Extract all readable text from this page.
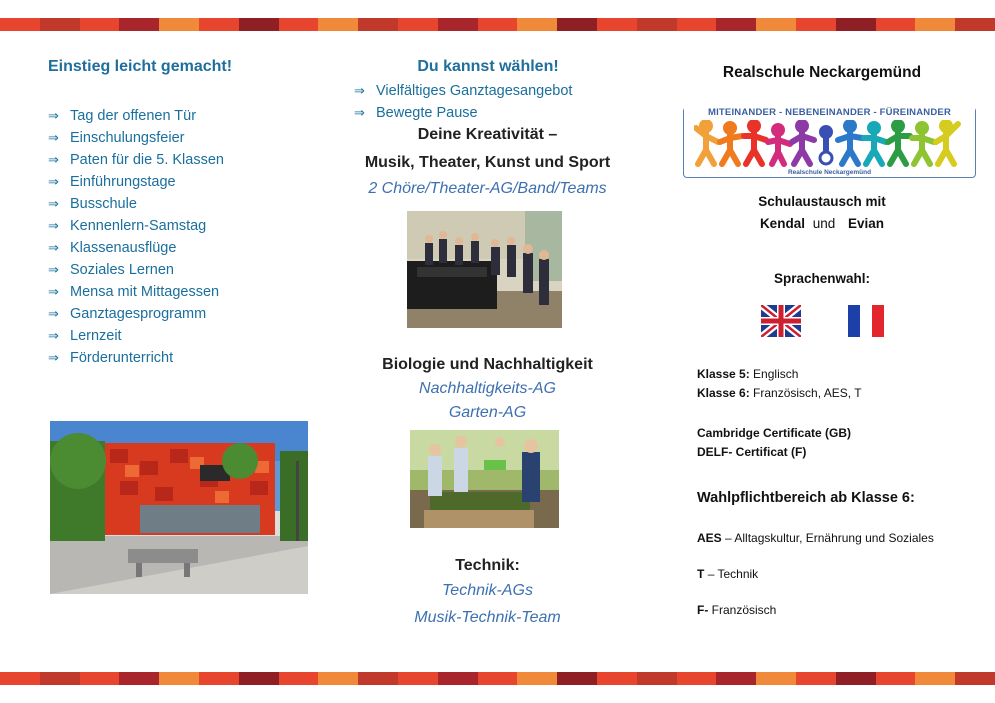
Einstieg leicht gemacht!
⇒ Tag der offenen Tür
⇒ Einschulungsfeier
⇒ Paten für die 5. Klassen
⇒ Einführungstage
⇒ Busschule
⇒ Kennenlern-Samstag
⇒ Klassenausflüge
⇒ Soziales Lernen
⇒ Mensa mit Mittagessen
⇒ Ganztagesprogramm
⇒ Lernzeit
⇒ Förderunterricht
Du kannst wählen!
⇒ Vielfältiges Ganztagesangebot
⇒ Bewegte Pause
Deine Kreativität –
Musik, Theater, Kunst und Sport
2 Chöre/Theater-AG/Band/Teams
Biologie und Nachhaltigkeit
Nachhaltigkeits-AG
Garten-AG
Technik:
Technik-AGs
Musik-Technik-Team
Realschule Neckargemünd
MITEINANDER - NEBENEINANDER - FÜREINANDER
Realschule Neckargemünd
Schulaustausch mit
Kendal und Evian
Sprachenwahl:
Klasse 5: Englisch
Klasse 6: Französisch, AES, T
Cambridge Certificate (GB)
DELF- Certificat (F)
Wahlpflichtbereich ab Klasse 6:
AES – Alltagskultur, Ernährung und Soziales
T – Technik
F- Französisch
